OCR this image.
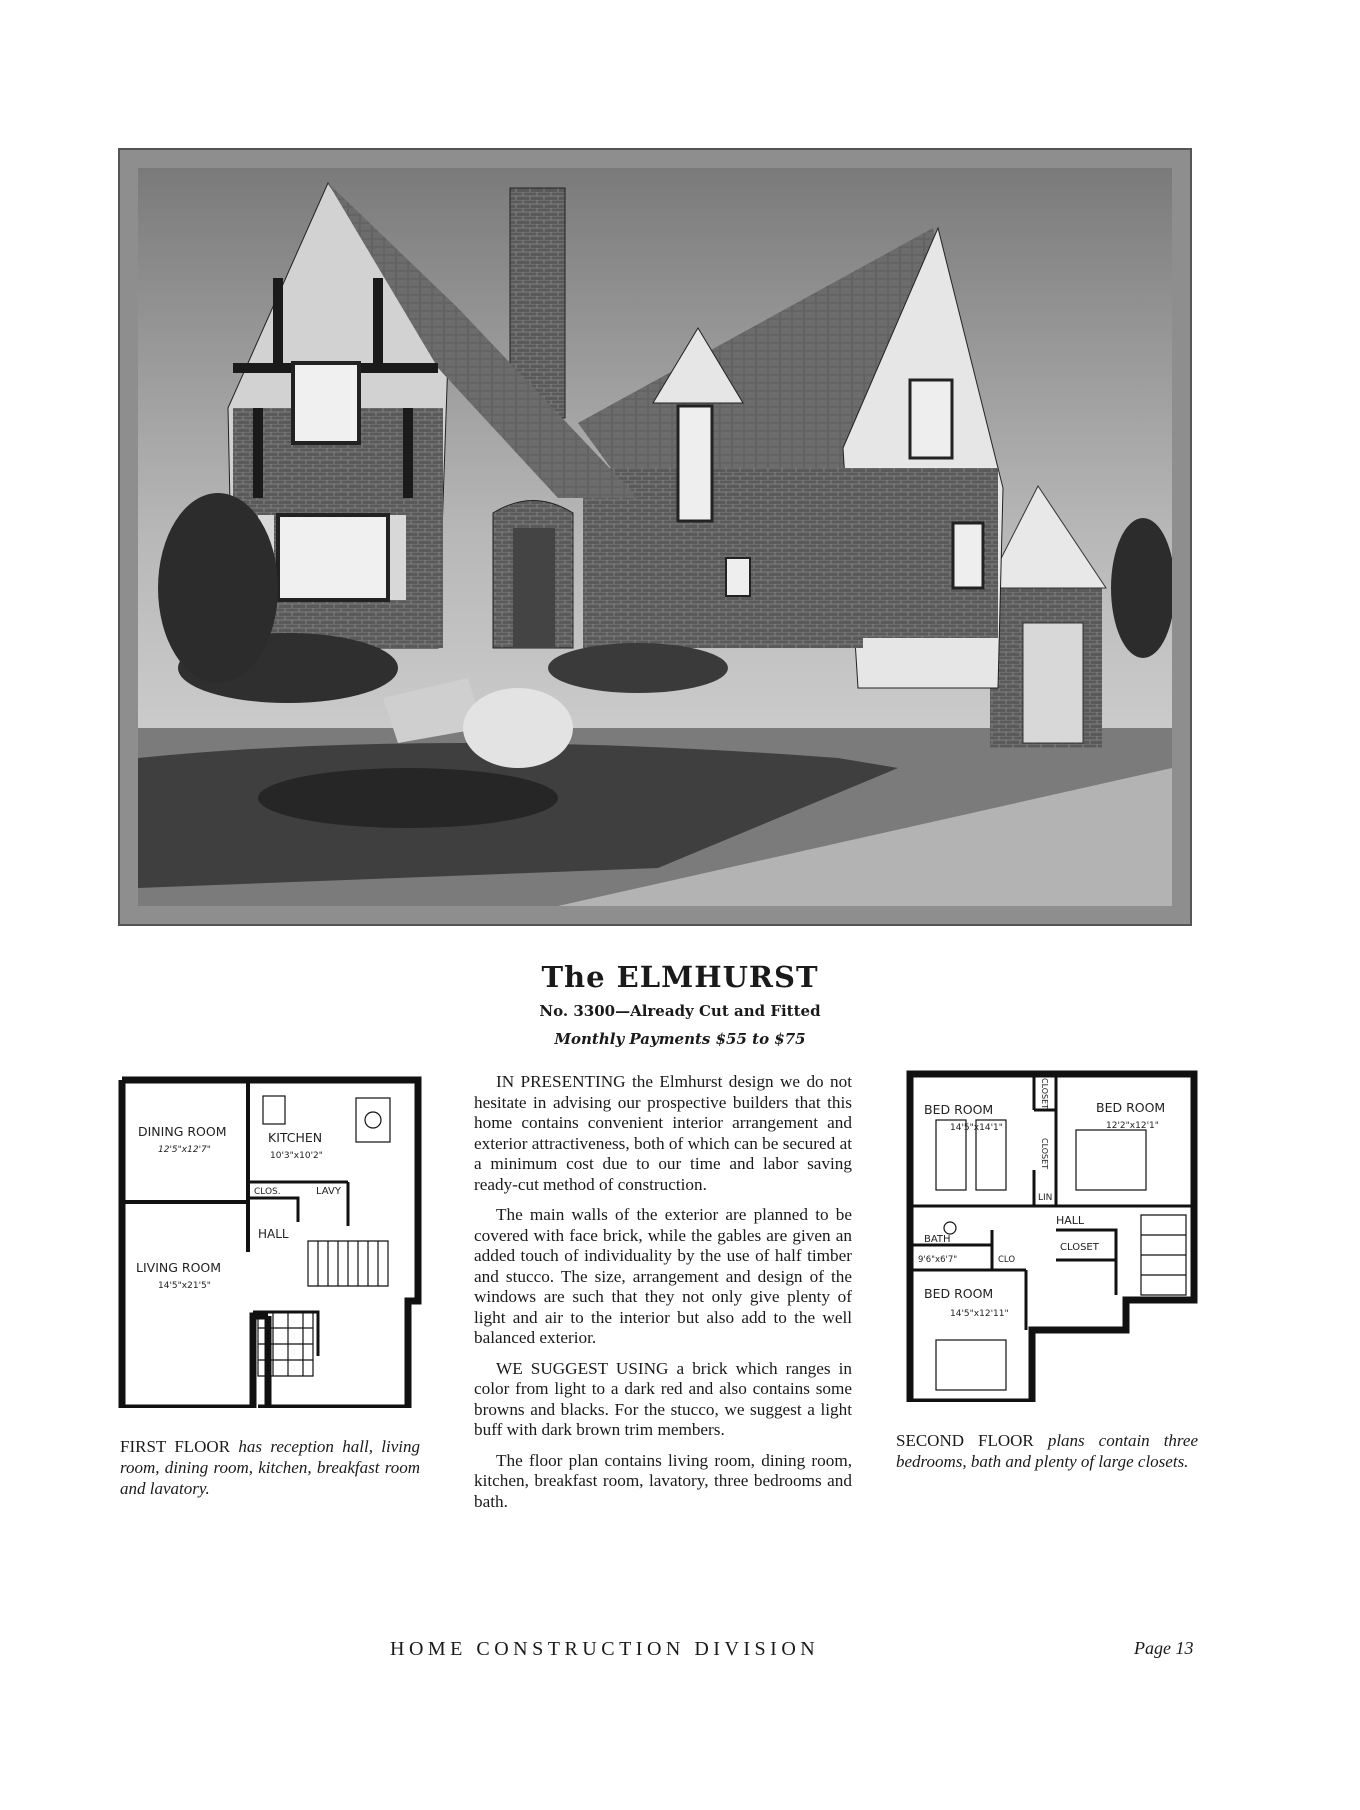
The ELMHURST
No. 3300—Already Cut and Fitted
Monthly Payments $55 to $75

IN PRESENTING the Elmhurst design we do not hesitate in advising our prospective builders that this home contains convenient interior arrangement and exterior attractiveness, both of which can be secured at a minimum cost due to our time and labor saving ready-cut method of construction.

The main walls of the exterior are planned to be covered with face brick, while the gables are given an added touch of individuality by the use of half timber and stucco. The size, arrangement and design of the windows are such that they not only give plenty of light and air to the interior but also add to the well balanced exterior.

WE SUGGEST USING a brick which ranges in color from light to a dark red and also contains some browns and blacks. For the stucco, we suggest a light buff with dark brown trim members.

The floor plan contains living room, dining room, kitchen, breakfast room, lavatory, three bedrooms and bath.

DINING ROOM
12'5"x12'7"
KITCHEN
10'3"x10'2"
CLOS.	LAVY
HALL
LIVING ROOM
14'5"x21'5"
FIRST FLOOR has reception hall, living room, dining room, kitchen, breakfast room and lavatory.
BED ROOM
14'5"x14'1"
BED ROOM
12'2"x12'1"
CLOSET
CLOSET
LIN
HALL
BATH
9'6"x6'7"	CLO
CLOSET
BED ROOM
14'5"x12'11"
SECOND FLOOR plans contain three bedrooms, bath and plenty of large closets.
HOME CONSTRUCTION DIVISION	Page 13
